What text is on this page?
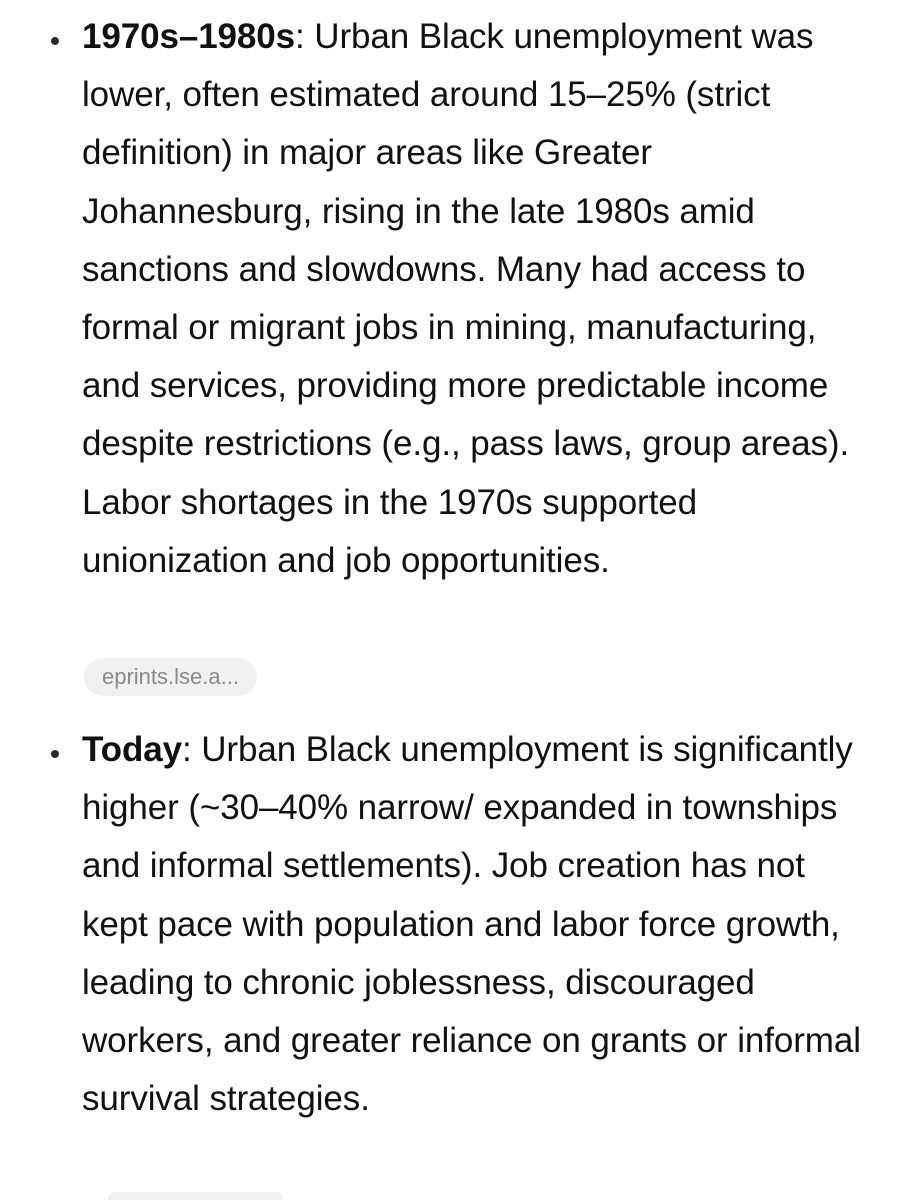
1970s–1980s: Urban Black unemployment was lower, often estimated around 15–25% (strict definition) in major areas like Greater Johannesburg, rising in the late 1980s amid sanctions and slowdowns. Many had access to formal or migrant jobs in mining, manufacturing, and services, providing more predictable income despite restrictions (e.g., pass laws, group areas). Labor shortages in the 1970s supported unionization and job opportunities.
eprints.lse.a...
Today: Urban Black unemployment is significantly higher (~30–40% narrow/ expanded in townships and informal settlements). Job creation has not kept pace with population and labor force growth, leading to chronic joblessness, discouraged workers, and greater reliance on grants or informal survival strategies.
